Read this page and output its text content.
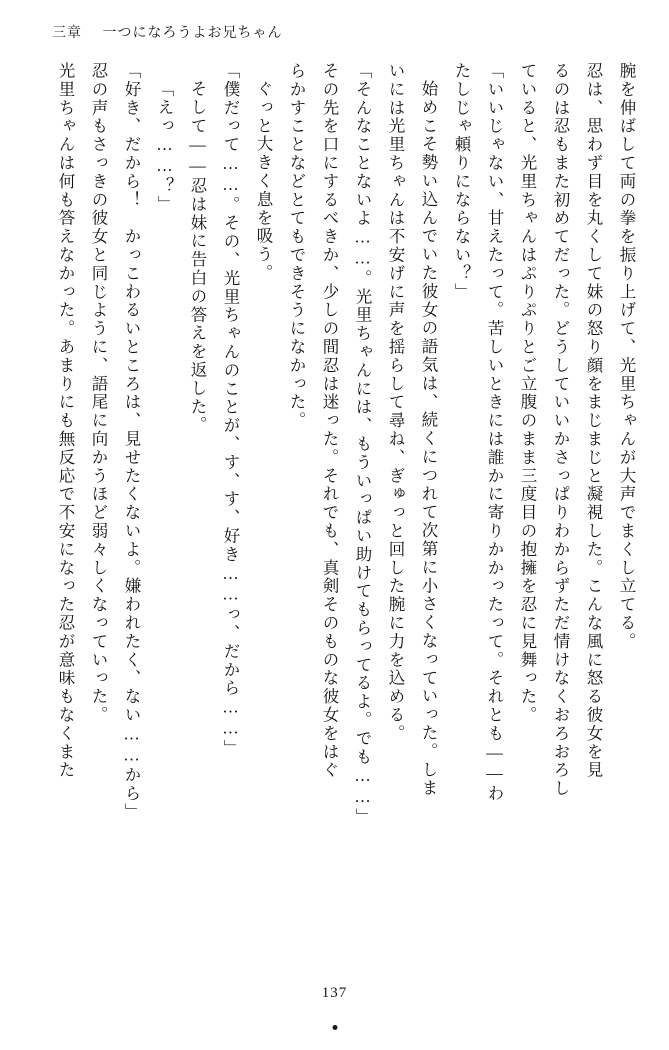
三章 一つになろうよお兄ちゃん
腕を伸ばして両の拳を振り上げて、光里ちゃんが大声でまくし立てる。
忍は、思わず目を丸くして妹の怒り顔をまじまじと凝視した。こんな風に怒る彼女を見
るのは忍もまた初めてだった。どうしていいかさっぱりわからずただ情けなくおろおろし
ていると、光里ちゃんはぷりぷりとご立腹のまま三度目の抱擁を忍に見舞った。
「いいじゃない、甘えたって。苦しいときには誰かに寄りかかったって。それとも――わ
たしじゃ頼りにならない？」
始めこそ勢い込んでいた彼女の語気は、続くにつれて次第に小さくなっていった。しま
いには光里ちゃんは不安げに声を揺らして尋ね、ぎゅっと回した腕に力を込める。
「そんなことないよ……。光里ちゃんには、もういっぱい助けてもらってるよ。でも……」
その先を口にするべきか、少しの間忍は迷った。それでも、真剣そのものな彼女をはぐ
らかすことなどとてもできそうになかった。
ぐっと大きく息を吸う。
「僕だって……。その、光里ちゃんのことが、す、す、好き……っ、だから……」
そして――忍は妹に告白の答えを返した。
「えっ……？」
「好き、だから！　かっこわるいところは、見せたくないよ。嫌われたく、ない……から」
忍の声もさっきの彼女と同じように、語尾に向かうほど弱々しくなっていった。
光里ちゃんは何も答えなかった。あまりにも無反応で不安になった忍が意味もなくまた
137
